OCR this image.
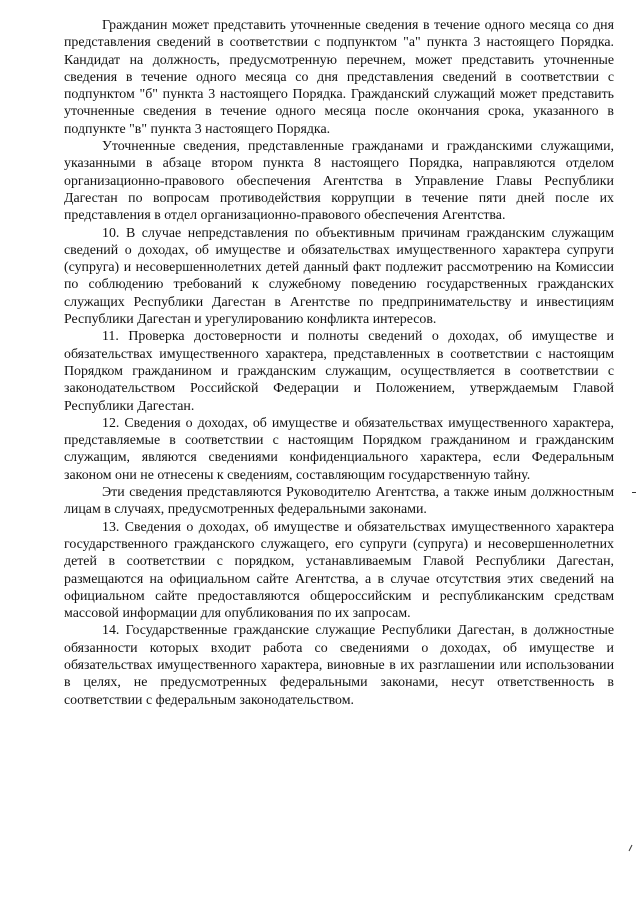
Гражданин может представить уточненные сведения в течение одного месяца со дня представления сведений в соответствии с подпунктом "а" пункта 3 настоящего Порядка. Кандидат на должность, предусмотренную перечнем, может представить уточненные сведения в течение одного месяца со дня представления сведений в соответствии с подпунктом "б" пункта 3 настоящего Порядка. Гражданский служащий может представить уточненные сведения в течение одного месяца после окончания срока, указанного в подпункте "в" пункта 3 настоящего Порядка.

Уточненные сведения, представленные гражданами и гражданскими служащими, указанными в абзаце втором пункта 8 настоящего Порядка, направляются отделом организационно-правового обеспечения Агентства в Управление Главы Республики Дагестан по вопросам противодействия коррупции в течение пяти дней после их представления в отдел организационно-правового обеспечения Агентства.

10. В случае непредставления по объективным причинам гражданским служащим сведений о доходах, об имуществе и обязательствах имущественного характера супруги (супруга) и несовершеннолетних детей данный факт подлежит рассмотрению на Комиссии по соблюдению требований к служебному поведению государственных гражданских служащих Республики Дагестан в Агентстве по предпринимательству и инвестициям Республики Дагестан и урегулированию конфликта интересов.

11. Проверка достоверности и полноты сведений о доходах, об имуществе и обязательствах имущественного характера, представленных в соответствии с настоящим Порядком гражданином и гражданским служащим, осуществляется в соответствии с законодательством Российской Федерации и Положением, утверждаемым Главой Республики Дагестан.

12. Сведения о доходах, об имуществе и обязательствах имущественного характера, представляемые в соответствии с настоящим Порядком гражданином и гражданским служащим, являются сведениями конфиденциального характера, если Федеральным законом они не отнесены к сведениям, составляющим государственную тайну.

Эти сведения представляются Руководителю Агентства, а также иным должностным лицам в случаях, предусмотренных федеральными законами.

13. Сведения о доходах, об имуществе и обязательствах имущественного характера государственного гражданского служащего, его супруги (супруга) и несовершеннолетних детей в соответствии с порядком, устанавливаемым Главой Республики Дагестан, размещаются на официальном сайте Агентства, а в случае отсутствия этих сведений на официальном сайте предоставляются общероссийским и республиканским средствам массовой информации для опубликования по их запросам.

14. Государственные гражданские служащие Республики Дагестан, в должностные обязанности которых входит работа со сведениями о доходах, об имуществе и обязательствах имущественного характера, виновные в их разглашении или использовании в целях, не предусмотренных федеральными законами, несут ответственность в соответствии с федеральным законодательством.
